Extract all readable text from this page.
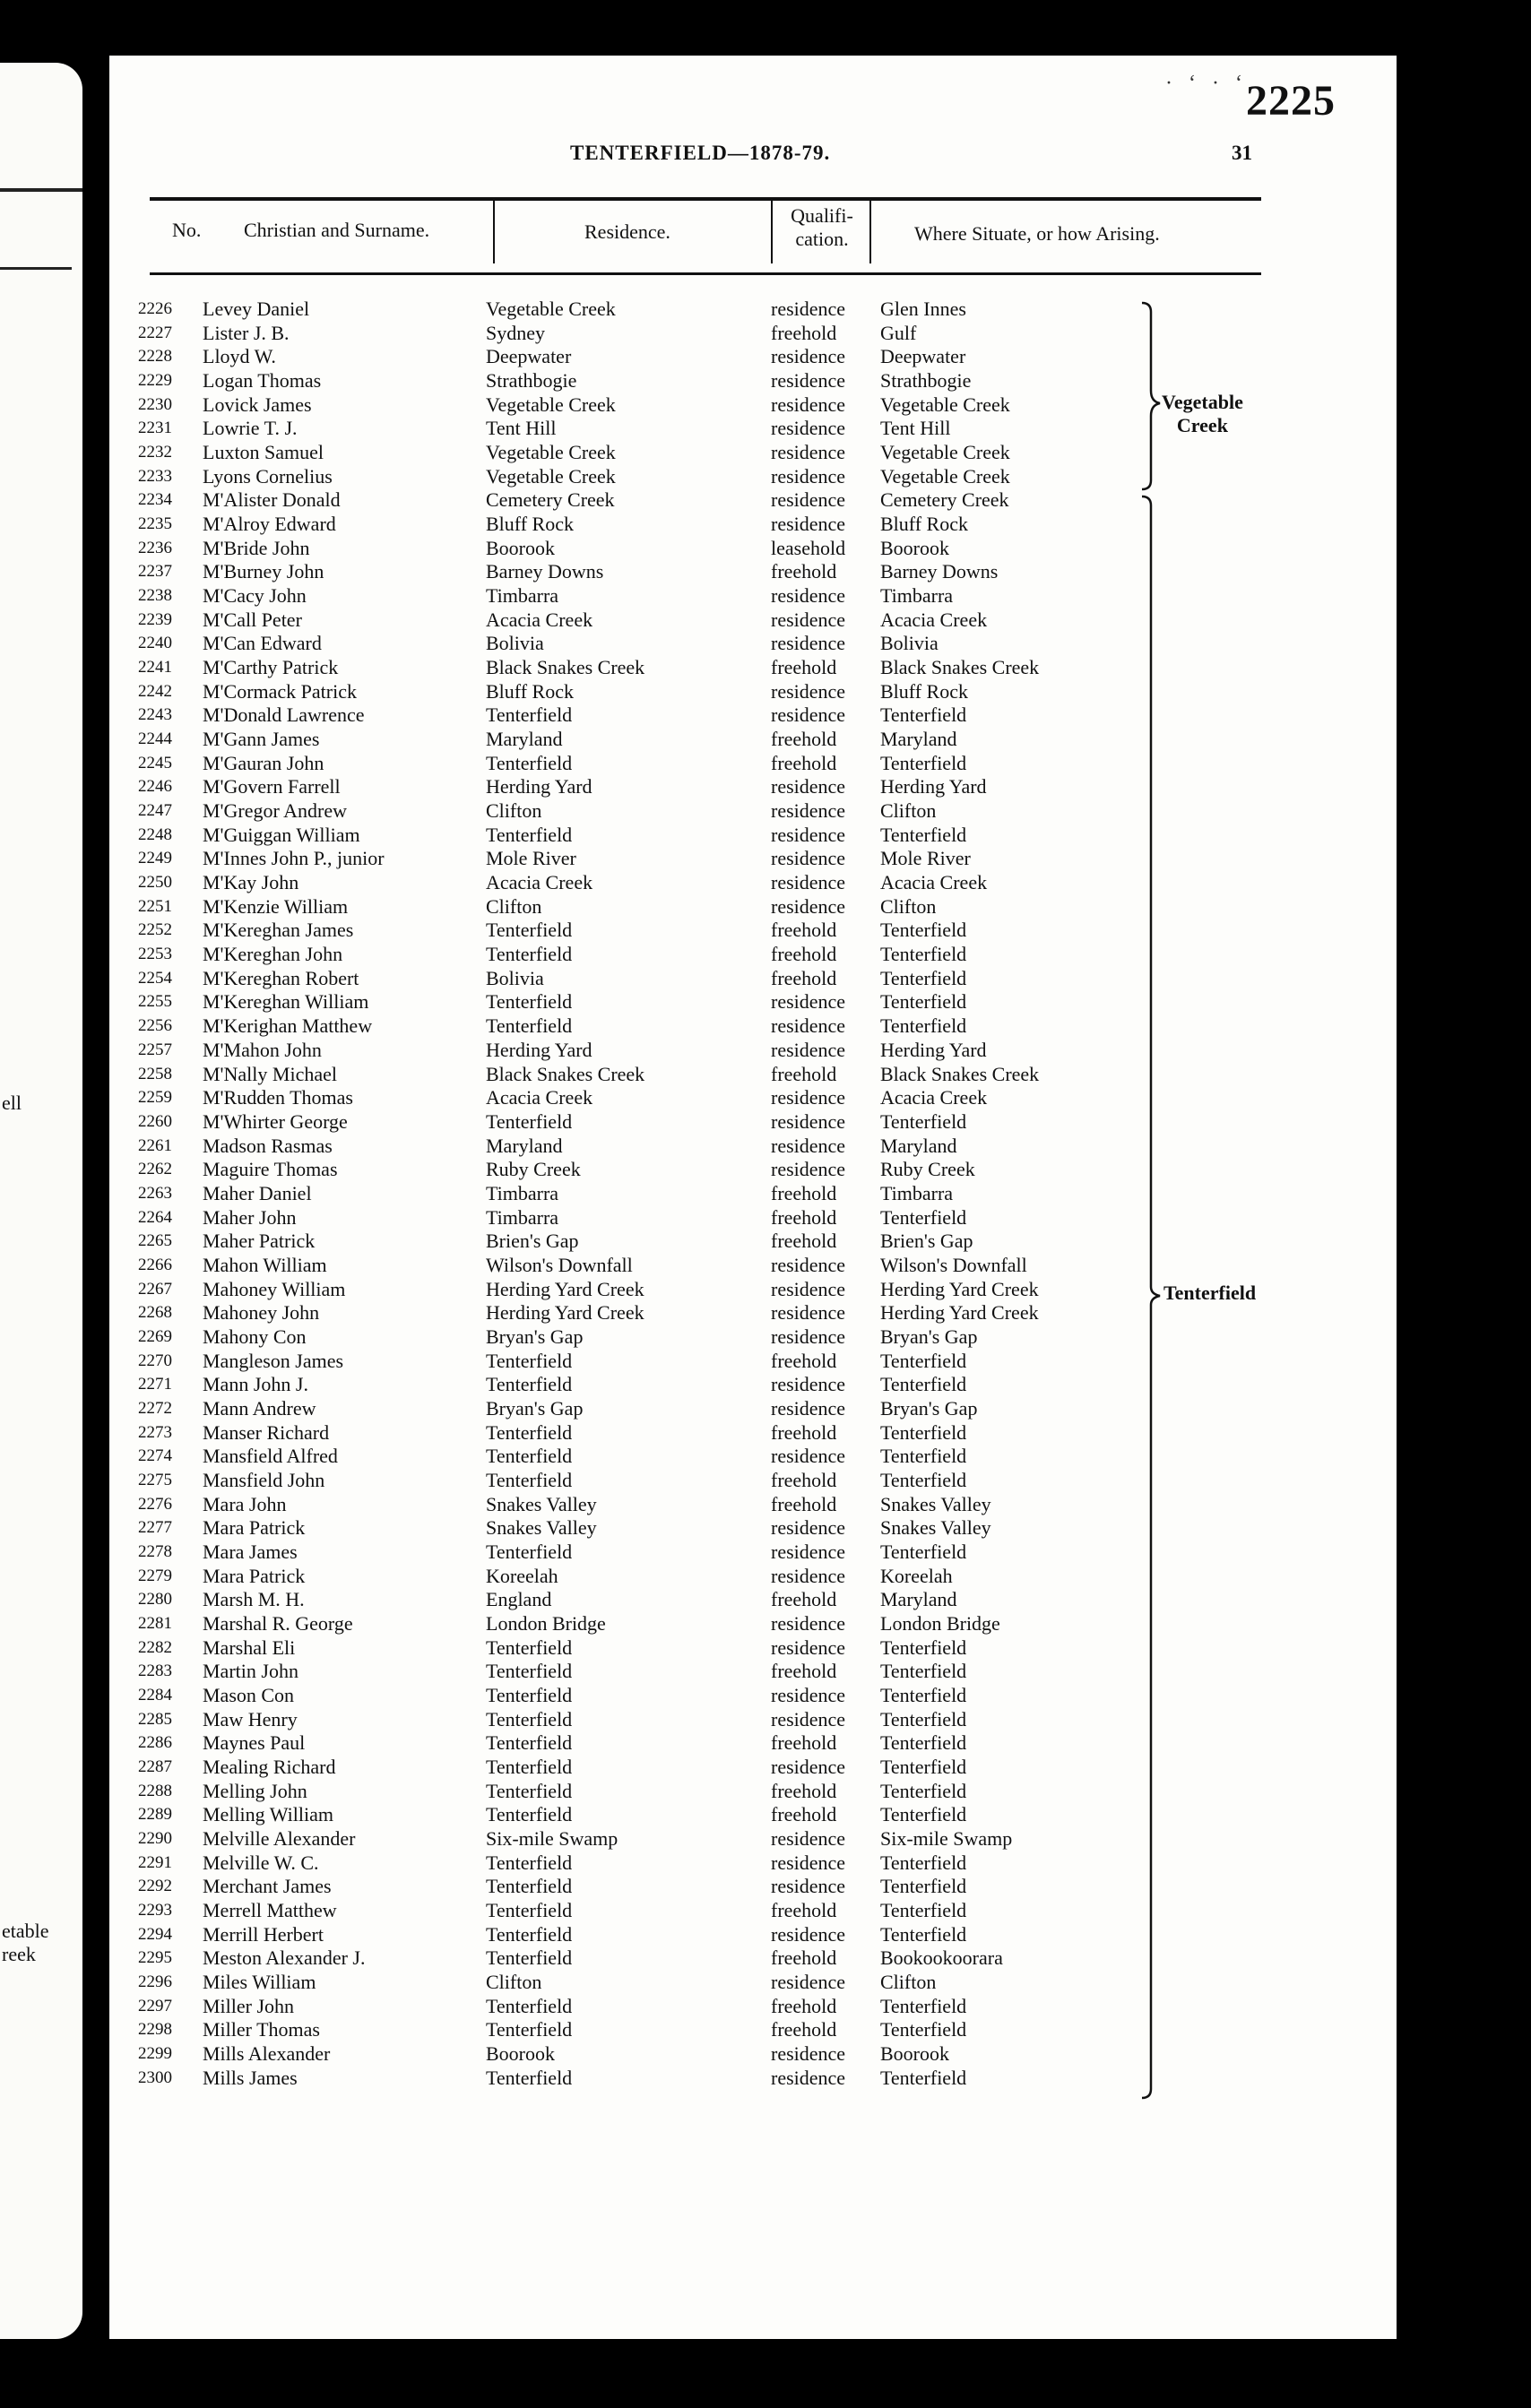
ell
etable
reek
· ‘ · ‘
2225
TENTERFIELD—1878-79.	31
No. Christian and Surname.	Residence.
Qualifi-
cation.	Where Situate, or how Arising.
2226 Levey Daniel	Vegetable Creek	residence Glen Innes
2227 Lister J. B.	Sydney	freehold Gulf
2228 Lloyd W.	Deepwater	residence Deepwater
2229 Logan Thomas	Strathbogie	residence Strathbogie
2230 Lovick James	Vegetable Creek	residence Vegetable Creek
2231 Lowrie T. J.	Tent Hill	residence Tent Hill
2232 Luxton Samuel	Vegetable Creek	residence Vegetable Creek
2233 Lyons Cornelius	Vegetable Creek	residence Vegetable Creek
2234 M'Alister Donald	Cemetery Creek	residence Cemetery Creek
2235 M'Alroy Edward	Bluff Rock	residence Bluff Rock
2236 M'Bride John	Boorook	leasehold Boorook
2237 M'Burney John	Barney Downs	freehold Barney Downs
2238 M'Cacy John	Timbarra	residence Timbarra
2239 M'Call Peter	Acacia Creek	residence Acacia Creek
2240 M'Can Edward	Bolivia	residence Bolivia
2241 M'Carthy Patrick	Black Snakes Creek	freehold Black Snakes Creek
2242 M'Cormack Patrick	Bluff Rock	residence Bluff Rock
2243 M'Donald Lawrence	Tenterfield	residence Tenterfield
2244 M'Gann James	Maryland	freehold Maryland
2245 M'Gauran John	Tenterfield	freehold Tenterfield
2246 M'Govern Farrell	Herding Yard	residence Herding Yard
2247 M'Gregor Andrew	Clifton	residence Clifton
2248 M'Guiggan William	Tenterfield	residence Tenterfield
2249 M'Innes John P., junior	Mole River	residence Mole River
2250 M'Kay John	Acacia Creek	residence Acacia Creek
2251 M'Kenzie William	Clifton	residence Clifton
2252 M'Kereghan James	Tenterfield	freehold Tenterfield
2253 M'Kereghan John	Tenterfield	freehold Tenterfield
2254 M'Kereghan Robert	Bolivia	freehold Tenterfield
2255 M'Kereghan William	Tenterfield	residence Tenterfield
2256 M'Kerighan Matthew	Tenterfield	residence Tenterfield
2257 M'Mahon John	Herding Yard	residence Herding Yard
2258 M'Nally Michael	Black Snakes Creek	freehold Black Snakes Creek
2259 M'Rudden Thomas	Acacia Creek	residence Acacia Creek
2260 M'Whirter George	Tenterfield	residence Tenterfield
2261 Madson Rasmas	Maryland	residence Maryland
2262 Maguire Thomas	Ruby Creek	residence Ruby Creek
2263 Maher Daniel	Timbarra	freehold Timbarra
2264 Maher John	Timbarra	freehold Tenterfield
2265 Maher Patrick	Brien's Gap	freehold Brien's Gap
2266 Mahon William	Wilson's Downfall	residence Wilson's Downfall
2267 Mahoney William	Herding Yard Creek	residence Herding Yard Creek
2268 Mahoney John	Herding Yard Creek	residence Herding Yard Creek
2269 Mahony Con	Bryan's Gap	residence Bryan's Gap
2270 Mangleson James	Tenterfield	freehold Tenterfield
2271 Mann John J.	Tenterfield	residence Tenterfield
2272 Mann Andrew	Bryan's Gap	residence Bryan's Gap
2273 Manser Richard	Tenterfield	freehold Tenterfield
2274 Mansfield Alfred	Tenterfield	residence Tenterfield
2275 Mansfield John	Tenterfield	freehold Tenterfield
2276 Mara John	Snakes Valley	freehold Snakes Valley
2277 Mara Patrick	Snakes Valley	residence Snakes Valley
2278 Mara James	Tenterfield	residence Tenterfield
2279 Mara Patrick	Koreelah	residence Koreelah
2280 Marsh M. H.	England	freehold Maryland
2281 Marshal R. George	London Bridge	residence London Bridge
2282 Marshal Eli	Tenterfield	residence Tenterfield
2283 Martin John	Tenterfield	freehold Tenterfield
2284 Mason Con	Tenterfield	residence Tenterfield
2285 Maw Henry	Tenterfield	residence Tenterfield
2286 Maynes Paul	Tenterfield	freehold Tenterfield
2287 Mealing Richard	Tenterfield	residence Tenterfield
2288 Melling John	Tenterfield	freehold Tenterfield
2289 Melling William	Tenterfield	freehold Tenterfield
2290 Melville Alexander	Six-mile Swamp	residence Six-mile Swamp
2291 Melville W. C.	Tenterfield	residence Tenterfield
2292 Merchant James	Tenterfield	residence Tenterfield
2293 Merrell Matthew	Tenterfield	freehold Tenterfield
2294 Merrill Herbert	Tenterfield	residence Tenterfield
2295 Meston Alexander J.	Tenterfield	freehold Bookookoorara
2296 Miles William	Clifton	residence Clifton
2297 Miller John	Tenterfield	freehold Tenterfield
2298 Miller Thomas	Tenterfield	freehold Tenterfield
2299 Mills Alexander	Boorook	residence Boorook
2300 Mills James	Tenterfield	residence Tenterfield
Vegetable
Creek
Tenterfield
